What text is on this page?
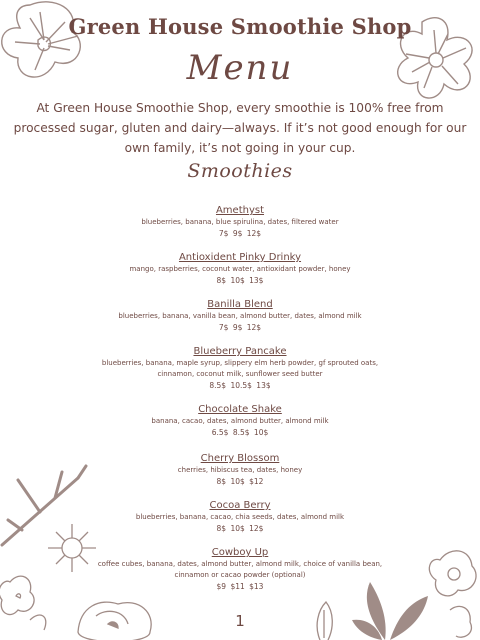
Green House Smoothie Shop
Menu
At Green House Smoothie Shop, every smoothie is 100% free from processed sugar, gluten and dairy—always. If it’s not good enough for our own family, it’s not going in your cup.
Smoothies
Amethyst
blueberries, banana, blue spirulina, dates, filtered water
7$ 9$ 12$
Antioxident Pinky Drinky
mango, raspberries, coconut water, antioxidant powder, honey
8$ 10$ 13$
Banilla Blend
blueberries, banana, vanilla bean, almond butter, dates, almond milk
7$ 9$ 12$
Blueberry Pancake
blueberries, banana, maple syrup, slippery elm herb powder, gf sprouted oats, cinnamon, coconut milk, sunflower seed butter
8.5$ 10.5$ 13$
Chocolate Shake
banana, cacao, dates, almond butter, almond milk
6.5$ 8.5$ 10$
Cherry Blossom
cherries, hibiscus tea, dates, honey
8$ 10$ $12
Cocoa Berry
blueberries, banana, cacao, chia seeds, dates, almond milk
8$ 10$ 12$
Cowboy Up
coffee cubes, banana, dates, almond butter, almond milk, choice of vanilla bean, cinnamon or cacao powder (optional)
$9 $11 $13
1
